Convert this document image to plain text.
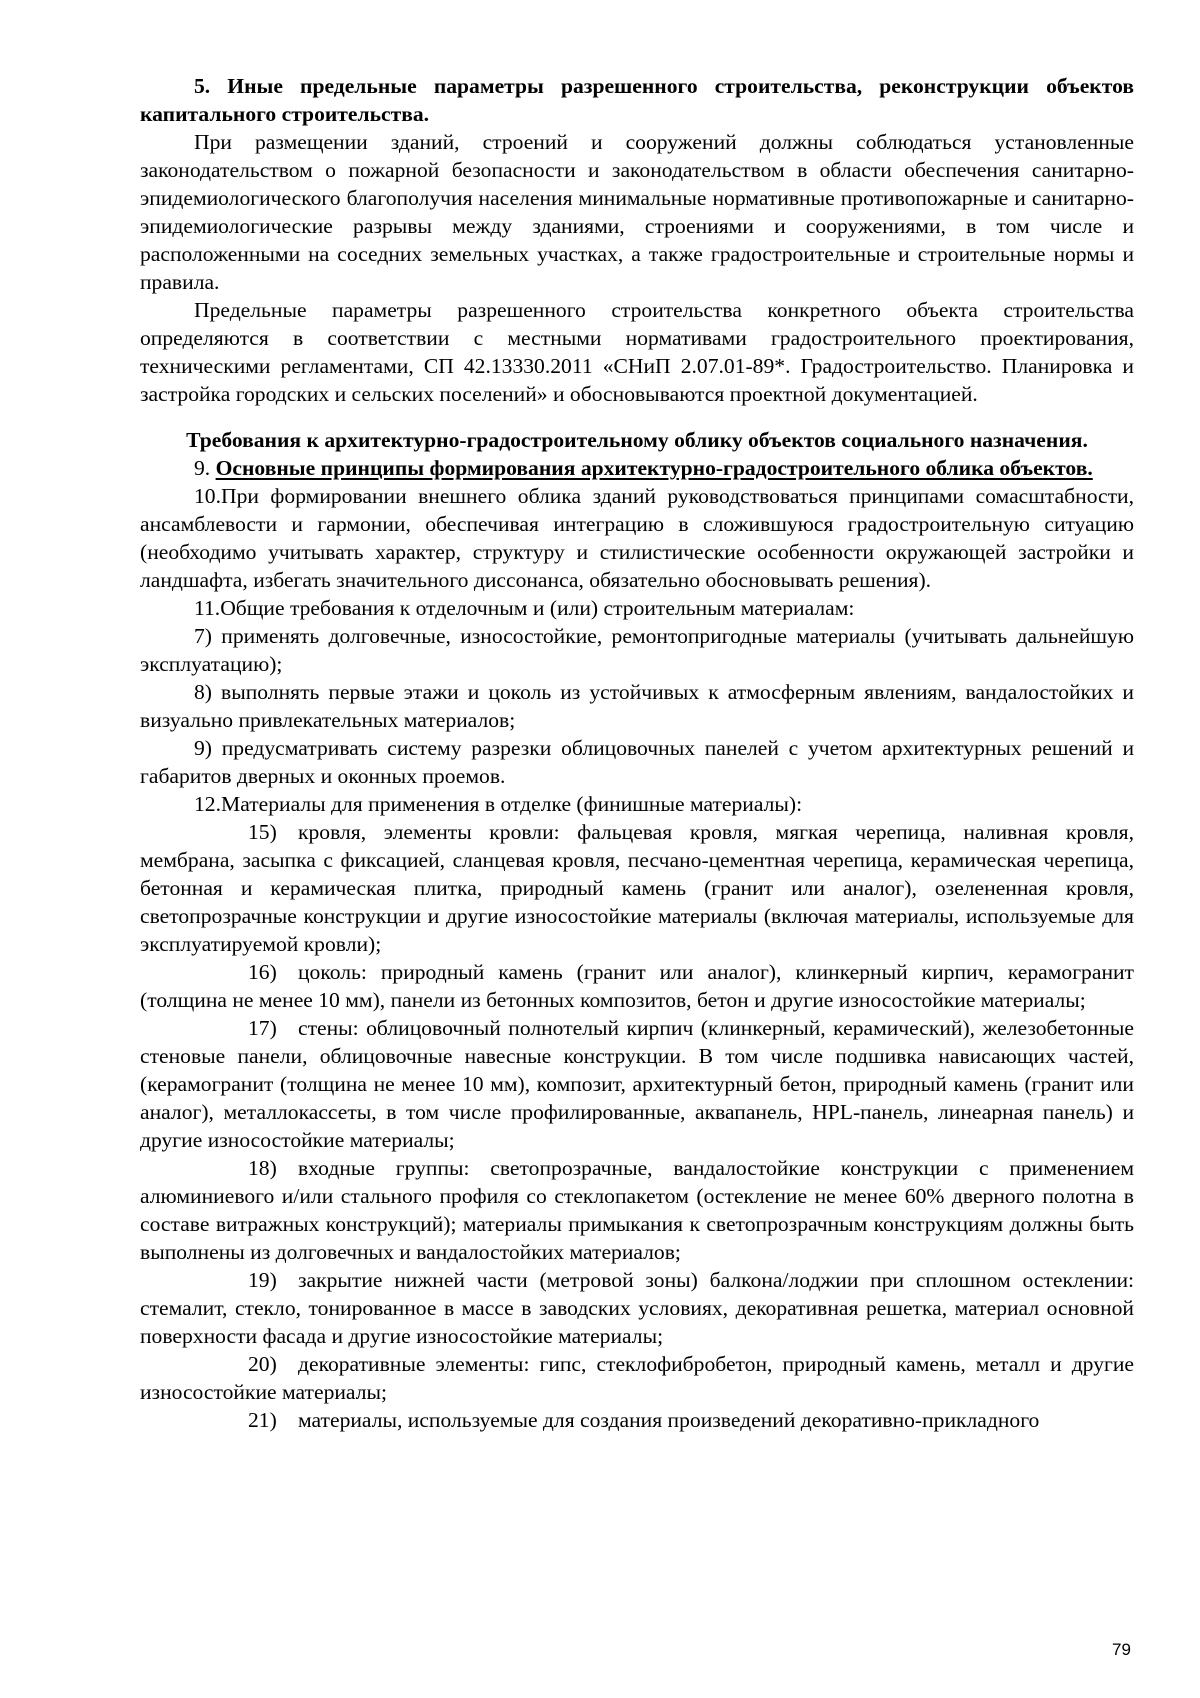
5. Иные предельные параметры разрешенного строительства, реконструкции объектов капитального строительства.

При размещении зданий, строений и сооружений должны соблюдаться установленные законодательством о пожарной безопасности и законодательством в области обеспечения санитарно-эпидемиологического благополучия населения минимальные нормативные противопожарные и санитарно-эпидемиологические разрывы между зданиями, строениями и сооружениями, в том числе и расположенными на соседних земельных участках, а также градостроительные и строительные нормы и правила.

Предельные параметры разрешенного строительства конкретного объекта строительства определяются в соответствии с местными нормативами градостроительного проектирования, техническими регламентами, СП 42.13330.2011 «СНиП 2.07.01-89*. Градостроительство. Планировка и застройка городских и сельских поселений» и обосновываются проектной документацией.

Требования к архитектурно-градостроительному облику объектов социального назначения.

9. Основные принципы формирования архитектурно-градостроительного облика объектов.

10.При формировании внешнего облика зданий руководствоваться принципами сомасштабности, ансамблевости и гармонии, обеспечивая интеграцию в сложившуюся градостроительную ситуацию (необходимо учитывать характер, структуру и стилистические особенности окружающей застройки и ландшафта, избегать значительного диссонанса, обязательно обосновывать решения).

11.Общие требования к отделочным и (или) строительным материалам:

7) применять долговечные, износостойкие, ремонтопригодные материалы (учитывать дальнейшую эксплуатацию);

8) выполнять первые этажи и цоколь из устойчивых к атмосферным явлениям, вандалостойких и визуально привлекательных материалов;

9) предусматривать систему разрезки облицовочных панелей с учетом архитектурных решений и габаритов дверных и оконных проемов.

12.Материалы для применения в отделке (финишные материалы):

15) кровля, элементы кровли: фальцевая кровля, мягкая черепица, наливная кровля, мембрана, засыпка с фиксацией, сланцевая кровля, песчано-цементная черепица, керамическая черепица, бетонная и керамическая плитка, природный камень (гранит или аналог), озелененная кровля, светопрозрачные конструкции и другие износостойкие материалы (включая материалы, используемые для эксплуатируемой кровли);

16) цоколь: природный камень (гранит или аналог), клинкерный кирпич, керамогранит (толщина не менее 10 мм), панели из бетонных композитов, бетон и другие износостойкие материалы;

17) стены: облицовочный полнотелый кирпич (клинкерный, керамический), железобетонные стеновые панели, облицовочные навесные конструкции. В том числе подшивка нависающих частей, (керамогранит (толщина не менее 10 мм), композит, архитектурный бетон, природный камень (гранит или аналог), металлокассеты, в том числе профилированные, аквапанель, HPL-панель, линеарная панель) и другие износостойкие материалы;

18) входные группы: светопрозрачные, вандалостойкие конструкции с применением алюминиевого и/или стального профиля со стеклопакетом (остекление не менее 60% дверного полотна в составе витражных конструкций); материалы примыкания к светопрозрачным конструкциям должны быть выполнены из долговечных и вандалостойких материалов;

19) закрытие нижней части (метровой зоны) балкона/лоджии при сплошном остеклении: стемалит, стекло, тонированное в массе в заводских условиях, декоративная решетка, материал основной поверхности фасада и другие износостойкие материалы;

20) декоративные элементы: гипс, стеклофибробетон, природный камень, металл и другие износостойкие материалы;

21) материалы, используемые для создания произведений декоративно-прикладного

79
